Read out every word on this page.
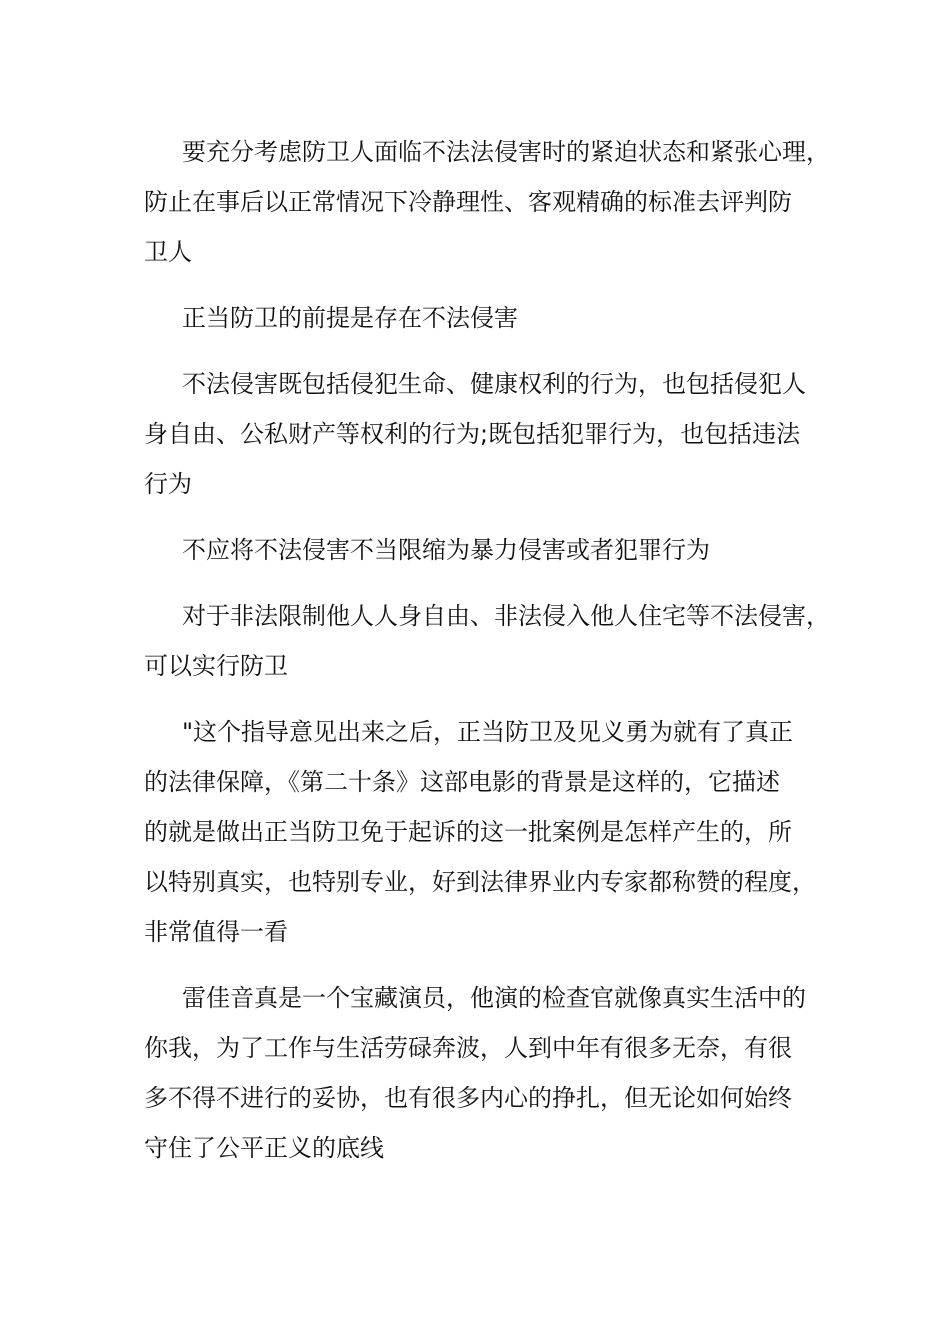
要充分考虑防卫人面临不法法侵害时的紧迫状态和紧张心理，
防止在事后以正常情况下冷静理性、客观精确的标准去评判防
卫人

正当防卫的前提是存在不法侵害

不法侵害既包括侵犯生命、健康权利的行为，也包括侵犯人
身自由、公私财产等权利的行为;既包括犯罪行为，也包括违法
行为

不应将不法侵害不当限缩为暴力侵害或者犯罪行为

对于非法限制他人人身自由、非法侵入他人住宅等不法侵害，
可以实行防卫

"这个指导意见出来之后，正当防卫及见义勇为就有了真正
的法律保障，《第二十条》这部电影的背景是这样的，它描述
的就是做出正当防卫免于起诉的这一批案例是怎样产生的，所
以特别真实，也特别专业，好到法律界业内专家都称赞的程度，
非常值得一看

雷佳音真是一个宝藏演员，他演的检查官就像真实生活中的
你我，为了工作与生活劳碌奔波，人到中年有很多无奈，有很
多不得不进行的妥协，也有很多内心的挣扎，但无论如何始终
守住了公平正义的底线
